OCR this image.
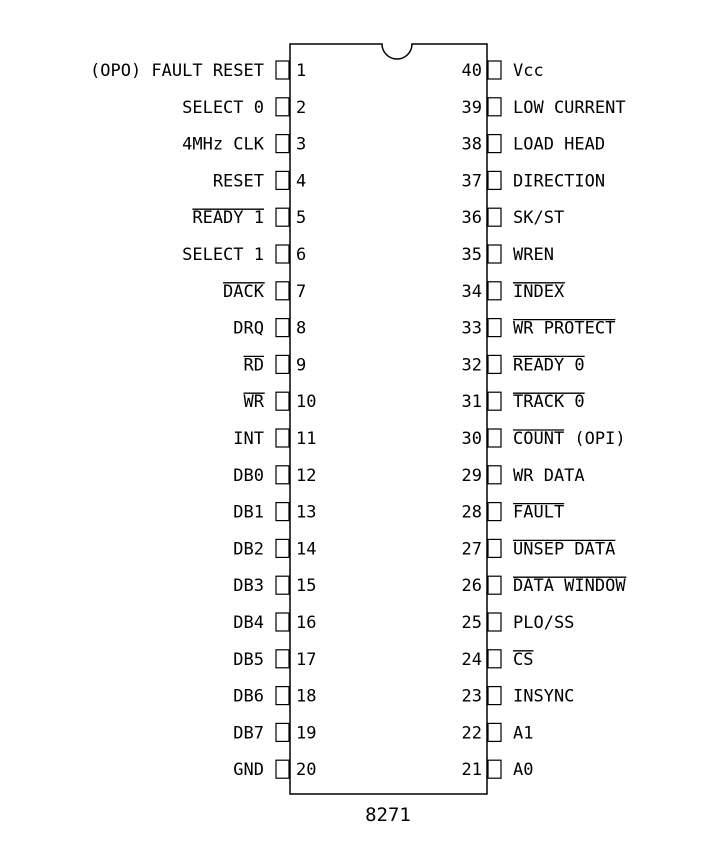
1
(OPO) FAULT RESET
2
SELECT 0
3
4MHz CLK
4
RESET
5
READY 1
6
SELECT 1
7
DACK
8
DRQ
9
RD
10
WR
11
INT
12
DB0
13
DB1
14
DB2
15
DB3
16
DB4
17
DB5
18
DB6
19
DB7
20
GND
40 Vcc
39 LOW CURRENT
38 LOAD HEAD
37 DIRECTION
36 SK/ST
35 WREN
34 INDEX
33 WR PROTECT
32 READY 0
31 TRACK 0
30 COUNT (OPI)
29 WR DATA
28 FAULT
27 UNSEP DATA
26 DATA WINDOW
25 PLO/SS
24 CS
23 INSYNC
22 A1
21 A0
8271
